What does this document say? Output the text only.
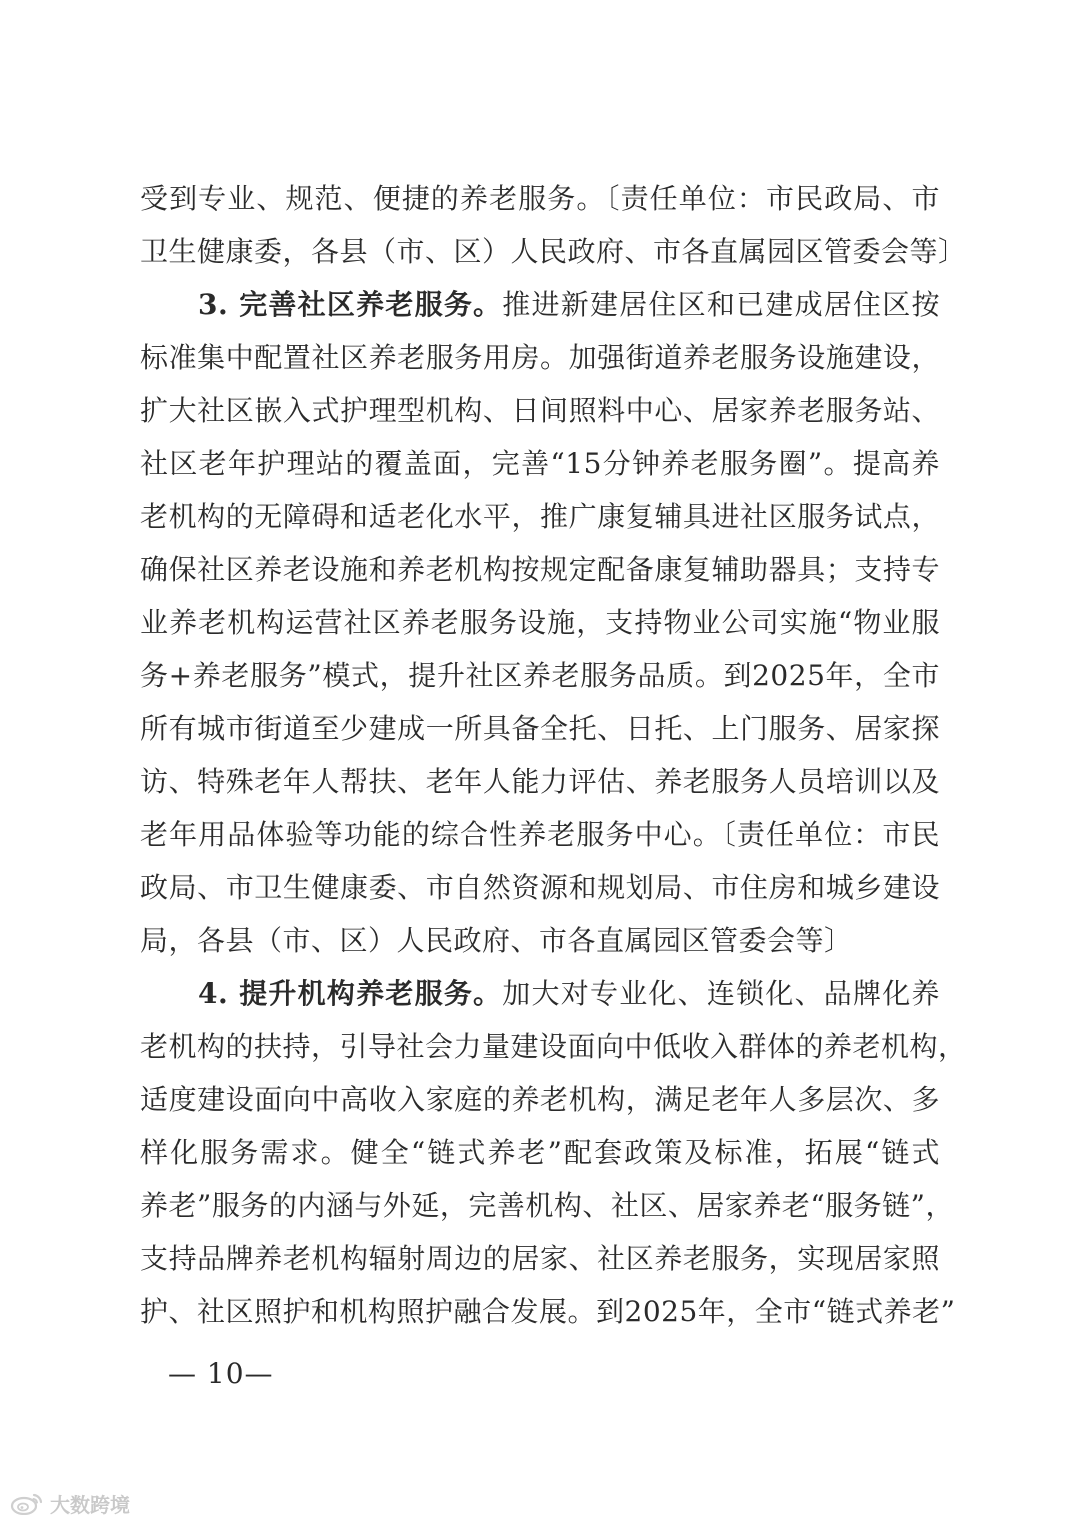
受到专业、规范、便捷的养老服务。〔责任单位：市民政局、市
卫生健康委，各县（市、区）人民政府、市各直属园区管委会等〕
3. 完善社区养老服务。推进新建居住区和已建成居住区按
标准集中配置社区养老服务用房。加强街道养老服务设施建设，
扩大社区嵌入式护理型机构、日间照料中心、居家养老服务站、
社区老年护理站的覆盖面，完善“15分钟养老服务圈”。提高养
老机构的无障碍和适老化水平，推广康复辅具进社区服务试点，
确保社区养老设施和养老机构按规定配备康复辅助器具；支持专
业养老机构运营社区养老服务设施，支持物业公司实施“物业服
务+养老服务”模式，提升社区养老服务品质。到2025年，全市
所有城市街道至少建成一所具备全托、日托、上门服务、居家探
访、特殊老年人帮扶、老年人能力评估、养老服务人员培训以及
老年用品体验等功能的综合性养老服务中心。〔责任单位：市民
政局、市卫生健康委、市自然资源和规划局、市住房和城乡建设
局，各县（市、区）人民政府、市各直属园区管委会等〕
4. 提升机构养老服务。加大对专业化、连锁化、品牌化养
老机构的扶持，引导社会力量建设面向中低收入群体的养老机构，
适度建设面向中高收入家庭的养老机构，满足老年人多层次、多
样化服务需求。健全“链式养老”配套政策及标准，拓展“链式
养老”服务的内涵与外延，完善机构、社区、居家养老“服务链”，
支持品牌养老机构辐射周边的居家、社区养老服务，实现居家照
护、社区照护和机构照护融合发展。到2025年，全市“链式养老”
— 10—
大数跨境
